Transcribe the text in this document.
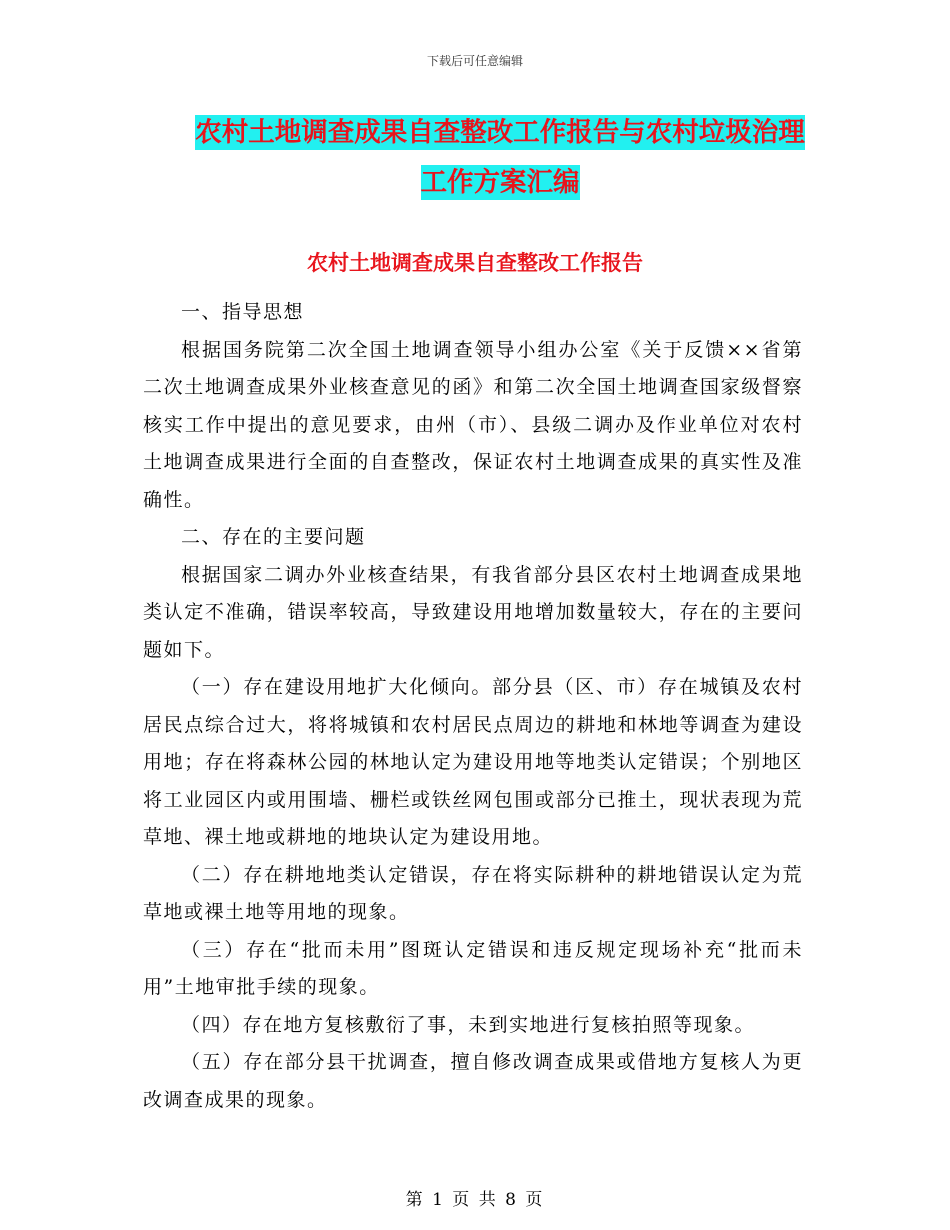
下载后可任意编辑
农村土地调查成果自查整改工作报告与农村垃圾治理
工作方案汇编
农村土地调查成果自查整改工作报告

一、指导思想

根据国务院第二次全国土地调查领导小组办公室《关于反馈××省第二次土地调查成果外业核查意见的函》和第二次全国土地调查国家级督察核实工作中提出的意见要求，由州（市）、县级二调办及作业单位对农村土地调查成果进行全面的自查整改，保证农村土地调查成果的真实性及准确性。

二、存在的主要问题

根据国家二调办外业核查结果，有我省部分县区农村土地调查成果地类认定不准确，错误率较高，导致建设用地增加数量较大，存在的主要问题如下。

（一）存在建设用地扩大化倾向。部分县（区、市）存在城镇及农村居民点综合过大，将将城镇和农村居民点周边的耕地和林地等调查为建设用地；存在将森林公园的林地认定为建设用地等地类认定错误；个别地区将工业园区内或用围墙、栅栏或铁丝网包围或部分已推土，现状表现为荒草地、裸土地或耕地的地块认定为建设用地。

（二）存在耕地地类认定错误，存在将实际耕种的耕地错误认定为荒草地或裸土地等用地的现象。

（三）存在“批而未用”图斑认定错误和违反规定现场补充“批而未用”土地审批手续的现象。

（四）存在地方复核敷衍了事，未到实地进行复核拍照等现象。

（五）存在部分县干扰调查，擅自修改调查成果或借地方复核人为更改调查成果的现象。

第 1 页 共 8 页
